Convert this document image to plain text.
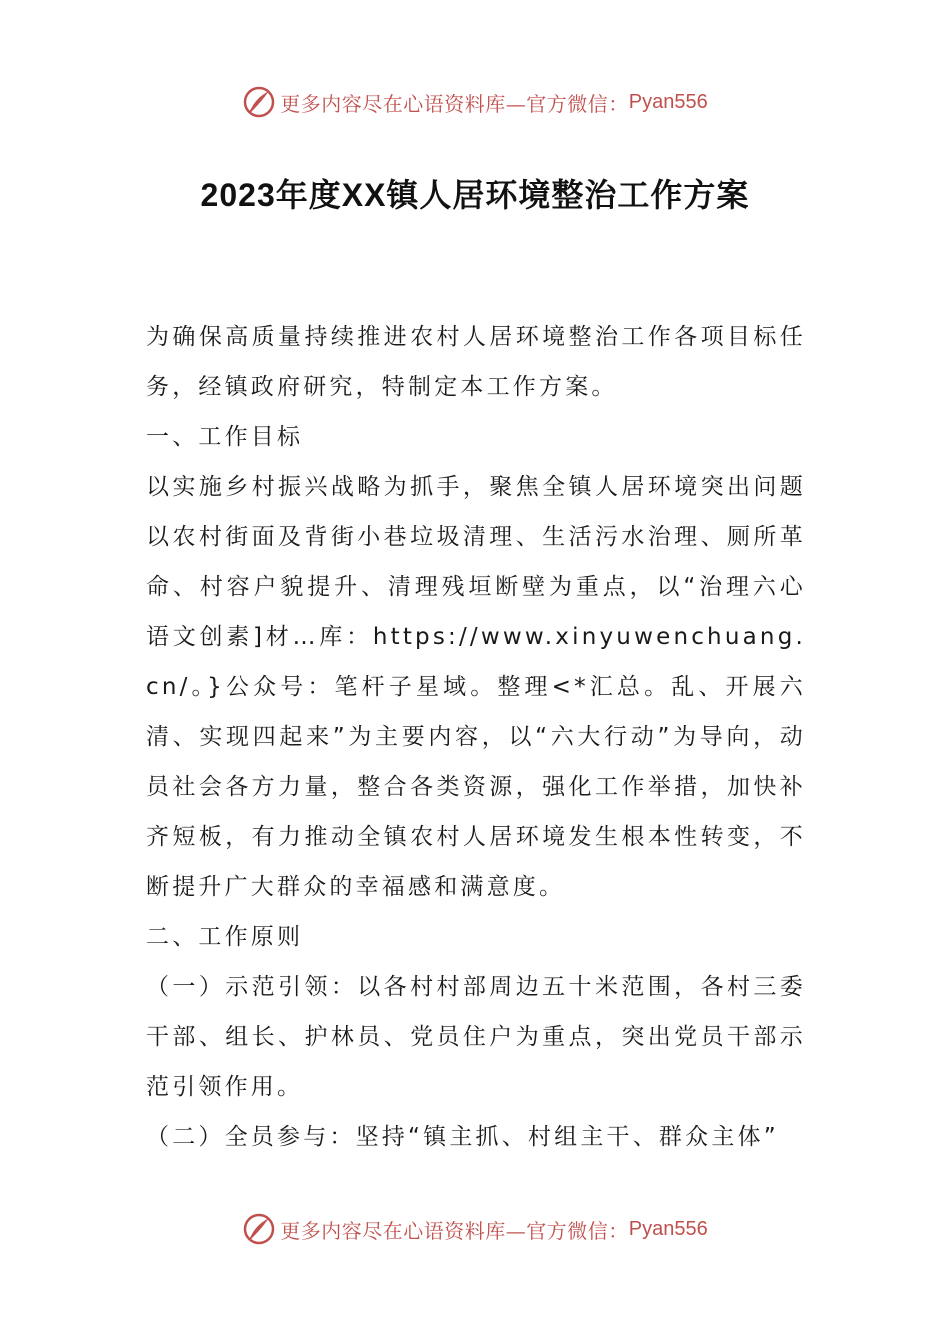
更多内容尽在心语资料库—官方微信： Pyan556
2023年度XX镇人居环境整治工作方案

为确保高质量持续推进农村人居环境整治工作各项目标任务，经镇政府研究，特制定本工作方案。

一、工作目标

以实施乡村振兴战略为抓手，聚焦全镇人居环境突出问题以农村街面及背街小巷垃圾清理、生活污水治理、厕所革命、村容户貌提升、清理残垣断壁为重点，以“治理六心语文创素]材…库：https://www.xinyuwenchuang.cn/。}公众号：笔杆子星域。整理<*汇总。乱、开展六清、实现四起来”为主要内容，以“六大行动”为导向，动员社会各方力量，整合各类资源，强化工作举措，加快补齐短板，有力推动全镇农村人居环境发生根本性转变，不断提升广大群众的幸福感和满意度。

二、工作原则

（一）示范引领：以各村村部周边五十米范围，各村三委干部、组长、护林员、党员住户为重点，突出党员干部示范引领作用。

（二）全员参与：坚持“镇主抓、村组主干、群众主体”

更多内容尽在心语资料库—官方微信： Pyan556
